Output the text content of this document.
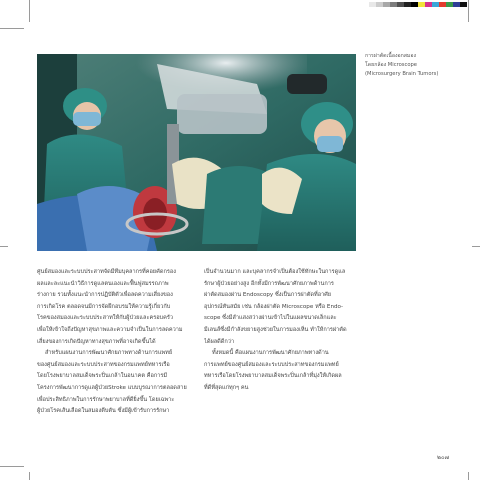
การผ่าตัดเนื้องอกสมอง
โดยกล้อง Microscope
(Microsurgery Brain Tumors)
ศูนย์สมองและระบบประสาทจัดมีทีมบุคลากรที่คอยคัดกรอง
ผลและละแนะนำวิธีการดูแลตนเองและฟื้นฟูสมรรถภาพ
ร่างกาย รวมทั้งแนะนำการปฏิบัติตัวเพื่อลดความเสี่ยงของ
การเกิดโรค ตลอดจนมีการจัดฝึกอบรมให้ความรู้เกี่ยวกับ
โรคของสมองและระบบประสาทให้กับผู้ป่วยและครอบครัว
เพื่อให้เข้าใจถึงปัญหาสุขภาพและความจำเป็นในการลดความ
เสี่ยงของการเกิดปัญหาทางสุขภาพที่อาจเกิดขึ้นได้
สำหรับแผนงานการพัฒนาศักยภาพทางด้านการแพทย์
ของศูนย์สมองและระบบประสาทของกรมแพทย์ทหารเรือ
โดยโรงพยาบาลสมเด็จพระปิ่นเกล้าในอนาคต คือการมี
โครงการพัฒนาการดูแลผู้ป่วยStroke แบบบูรณาการตลอดสาย
เพื่อประสิทธิภาพในการรักษาพยาบาลที่ดียิ่งขึ้น โดยเฉพาะ
ผู้ป่วยโรคเส้นเลือดในสมองตีบตัน ซึ่งมีผู้เข้ารับการรักษา
เป็นจำนวนมาก และบุคลากรจำเป็นต้องใช้ทักษะในการดูแล
รักษาผู้ป่วยอย่างสูง อีกทั้งมีการพัฒนาศักยภาพด้านการ
ผ่าตัดสมองผ่าน Endoscopy ซึ่งเป็นการผ่าตัดที่อาศัย
อุปกรณ์ทันสมัย เช่น กล้องผ่าตัด Microscope หรือ Endo-
scope ซึ่งมีลำแสงสว่างผ่านเข้าไปในแผลขนาดเล็กและ
มีเลนส์ซึ่งมีกำลังขยายสูงช่วยในการมองเห็น ทำให้การผ่าตัด
ได้ผลดีดีกว่า
ทั้งหมดนี้ คือแผนงานการพัฒนาศักยภาพทางด้าน
การแพทย์ของศูนย์สมองและระบบประสาทของกรมแพทย์
ทหารเรือโดยโรงพยาบาลสมเด็จพระปิ่นเกล้าที่มุ่งให้เกิดผล
ที่ดีที่สุดแก่ทุกๆ คน
๒๐๗
